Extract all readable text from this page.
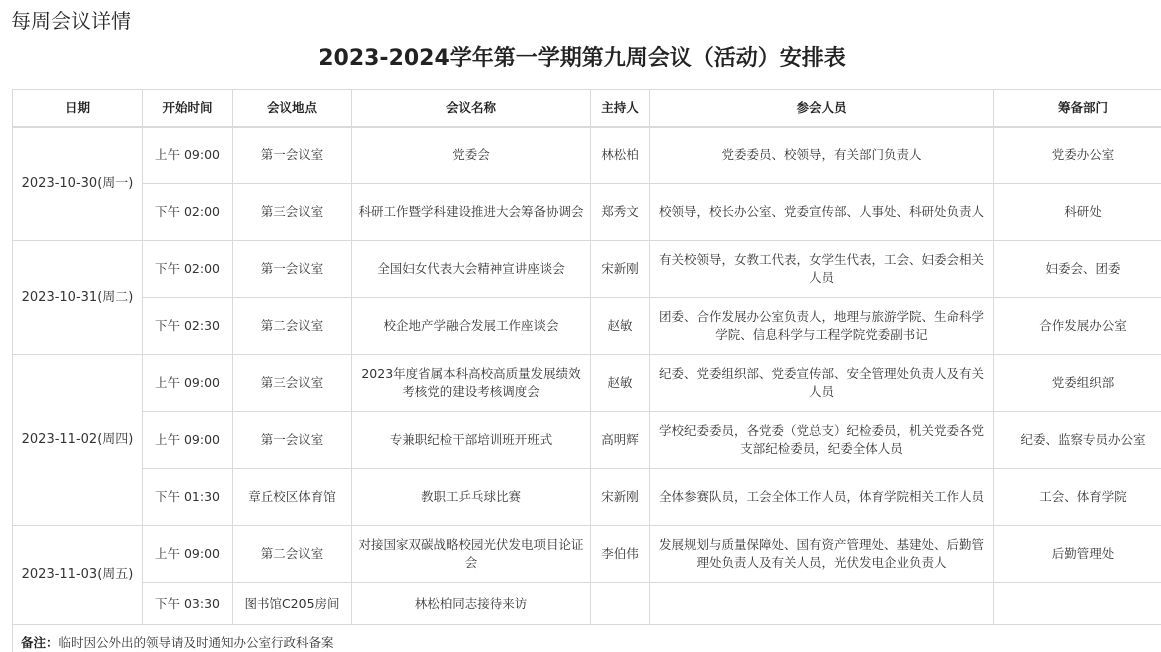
每周会议详情
2023-2024学年第一学期第九周会议（活动）安排表
日期	开始时间	会议地点	会议名称	主持人	参会人员	筹备部门
2023-10-30(周一)	上午 09:00	第一会议室	党委会	林松柏	党委委员、校领导，有关部门负责人	党委办公室
	下午 02:00	第三会议室	科研工作暨学科建设推进大会筹备协调会	郑秀文	校领导，校长办公室、党委宣传部、人事处、科研处负责人	科研处
2023-10-31(周二)	下午 02:00	第一会议室	全国妇女代表大会精神宣讲座谈会	宋新刚	有关校领导，女教工代表，女学生代表，工会、妇委会相关人员	妇委会、团委
	下午 02:30	第二会议室	校企地产学融合发展工作座谈会	赵敏	团委、合作发展办公室负责人，地理与旅游学院、生命科学学院、信息科学与工程学院党委副书记	合作发展办公室
2023-11-02(周四)	上午 09:00	第三会议室	2023年度省属本科高校高质量发展绩效考核党的建设考核调度会	赵敏	纪委、党委组织部、党委宣传部、安全管理处负责人及有关人员	党委组织部
	上午 09:00	第一会议室	专兼职纪检干部培训班开班式	高明辉	学校纪委委员，各党委（党总支）纪检委员，机关党委各党支部纪检委员，纪委全体人员	纪委、监察专员办公室
	下午 01:30	章丘校区体育馆	教职工乒乓球比赛	宋新刚	全体参赛队员，工会全体工作人员，体育学院相关工作人员	工会、体育学院
2023-11-03(周五)	上午 09:00	第二会议室	对接国家双碳战略校园光伏发电项目论证会	李伯伟	发展规划与质量保障处、国有资产管理处、基建处、后勤管理处负责人及有关人员，光伏发电企业负责人	后勤管理处
	下午 03:30	图书馆C205房间	林松柏同志接待来访			
备注：临时因公外出的领导请及时通知办公室行政科备案						
